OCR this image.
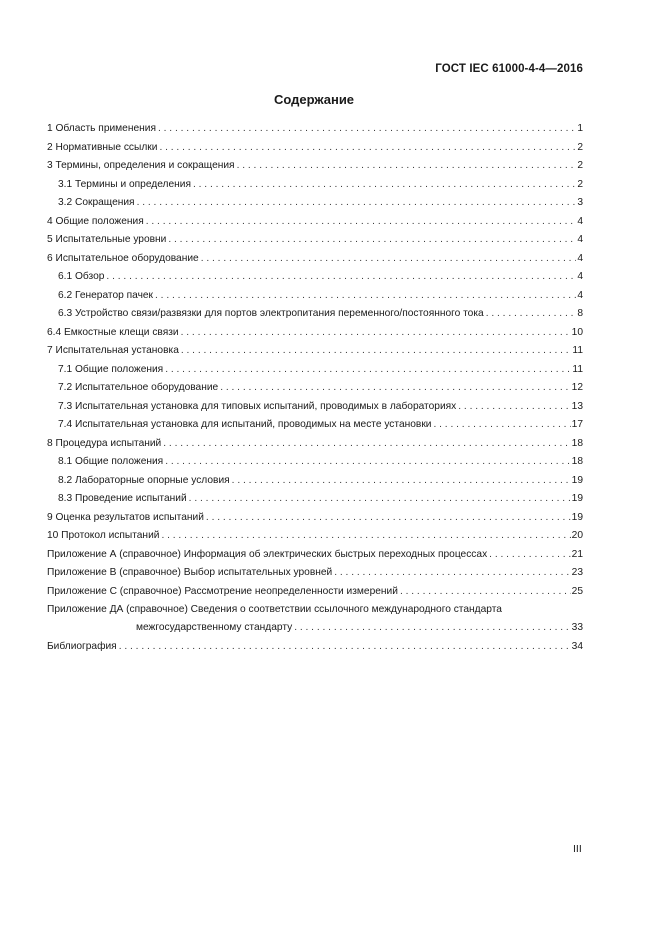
ГОСТ IEC 61000-4-4—2016
Содержание
1 Область применения . . .	1
2 Нормативные ссылки . . .	2
3 Термины, определения и сокращения . . .	2
3.1 Термины и определения . . .	2
3.2 Сокращения . . .	3
4 Общие положения . . .	4
5 Испытательные уровни . . .	4
6 Испытательное оборудование . . .	4
6.1 Обзор . . .	4
6.2 Генератор пачек . . .	4
6.3 Устройство связи/развязки для портов электропитания переменного/постоянного тока . . .	8
6.4 Емкостные клещи связи . . .	10
7 Испытательная установка . . .	11
7.1 Общие положения . . .	11
7.2 Испытательное оборудование . . .	12
7.3 Испытательная установка для типовых испытаний, проводимых в лабораториях . . .	13
7.4 Испытательная установка для испытаний, проводимых на месте установки . . .	17
8 Процедура испытаний . . .	18
8.1 Общие положения . . .	18
8.2 Лабораторные опорные условия . . .	19
8.3 Проведение испытаний . . .	19
9 Оценка результатов испытаний . . .	19
10 Протокол испытаний . . .	20
Приложение А (справочное) Информация об электрических быстрых переходных процессах . . .	21
Приложение В (справочное) Выбор испытательных уровней . . .	23
Приложение С (справочное) Рассмотрение неопределенности измерений . . .	25
Приложение ДА (справочное) Сведения о соответствии ссылочного международного стандарта
межгосударственному стандарту . . .	33
Библиография . . .	34
III
